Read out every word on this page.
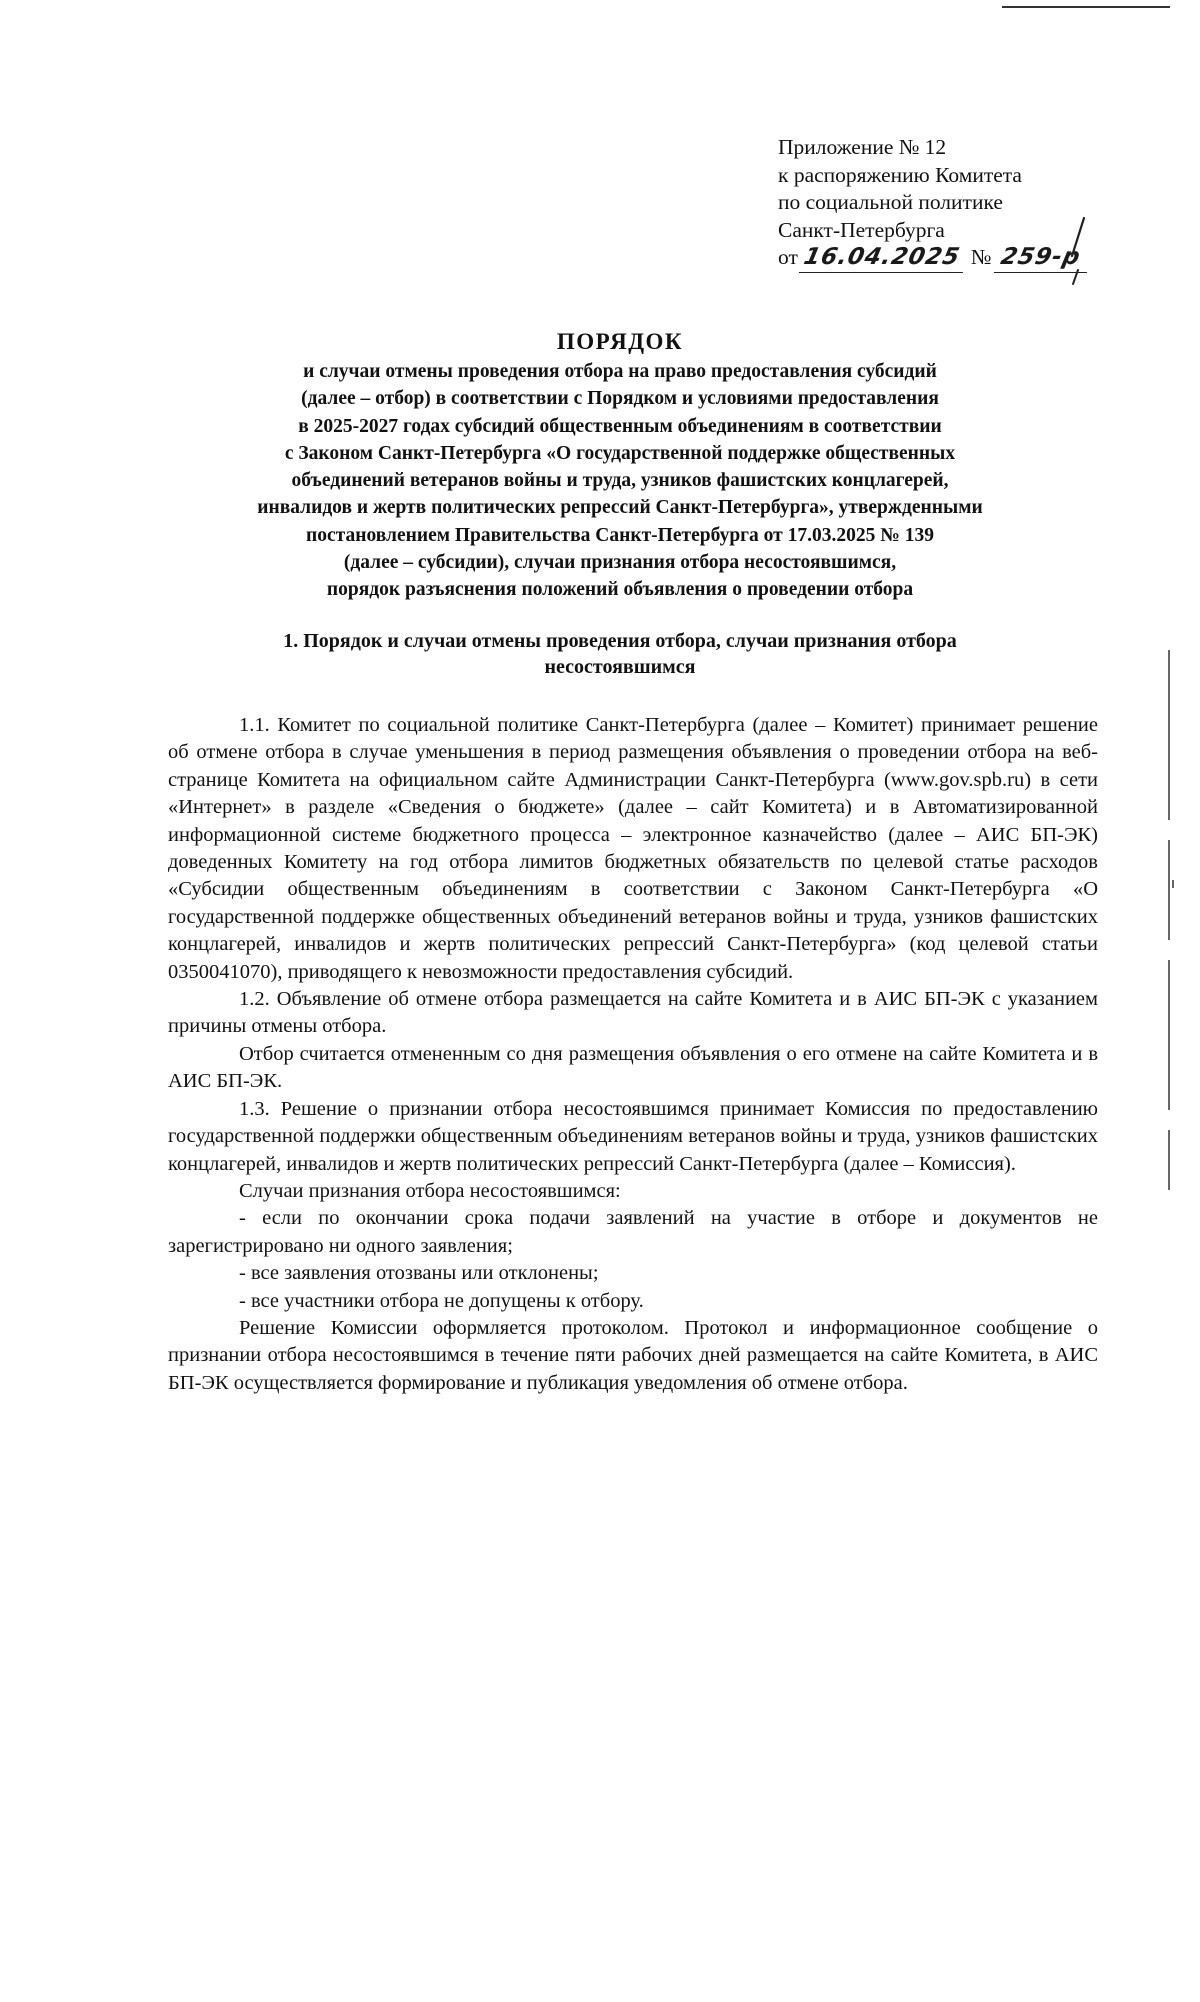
Приложение № 12
к распоряжению Комитета
по социальной политике
Санкт-Петербурга
от 16.04.2025 № 259-р
ПОРЯДОК
и случаи отмены проведения отбора на право предоставления субсидий
(далее – отбор) в соответствии с Порядком и условиями предоставления
в 2025-2027 годах субсидий общественным объединениям в соответствии
с Законом Санкт-Петербурга «О государственной поддержке общественных
объединений ветеранов войны и труда, узников фашистских концлагерей,
инвалидов и жертв политических репрессий Санкт-Петербурга», утвержденными
постановлением Правительства Санкт-Петербурга от 17.03.2025 № 139
(далее – субсидии), случаи признания отбора несостоявшимся,
порядок разъяснения положений объявления о проведении отбора
1. Порядок и случаи отмены проведения отбора, случаи признания отбора
несостоявшимся

1.1. Комитет по социальной политике Санкт-Петербурга (далее – Комитет) принимает решение об отмене отбора в случае уменьшения в период размещения объявления о проведении отбора на веб-странице Комитета на официальном сайте Администрации Санкт-Петербурга (www.gov.spb.ru) в сети «Интернет» в разделе «Сведения о бюджете» (далее – сайт Комитета) и в Автоматизированной информационной системе бюджетного процесса – электронное казначейство (далее – АИС БП-ЭК) доведенных Комитету на год отбора лимитов бюджетных обязательств по целевой статье расходов «Субсидии общественным объединениям в соответствии с Законом Санкт-Петербурга «О государственной поддержке общественных объединений ветеранов войны и труда, узников фашистских концлагерей, инвалидов и жертв политических репрессий Санкт-Петербурга» (код целевой статьи 0350041070), приводящего к невозможности предоставления субсидий.

1.2. Объявление об отмене отбора размещается на сайте Комитета и в АИС БП-ЭК с указанием причины отмены отбора.

Отбор считается отмененным со дня размещения объявления о его отмене на сайте Комитета и в АИС БП-ЭК.

1.3. Решение о признании отбора несостоявшимся принимает Комиссия по предоставлению государственной поддержки общественным объединениям ветеранов войны и труда, узников фашистских концлагерей, инвалидов и жертв политических репрессий Санкт-Петербурга (далее – Комиссия).

Случаи признания отбора несостоявшимся:

- если по окончании срока подачи заявлений на участие в отборе и документов не зарегистрировано ни одного заявления;

- все заявления отозваны или отклонены;

- все участники отбора не допущены к отбору.

Решение Комиссии оформляется протоколом. Протокол и информационное сообщение о признании отбора несостоявшимся в течение пяти рабочих дней размещается на сайте Комитета, в АИС БП-ЭК осуществляется формирование и публикация уведомления об отмене отбора.
